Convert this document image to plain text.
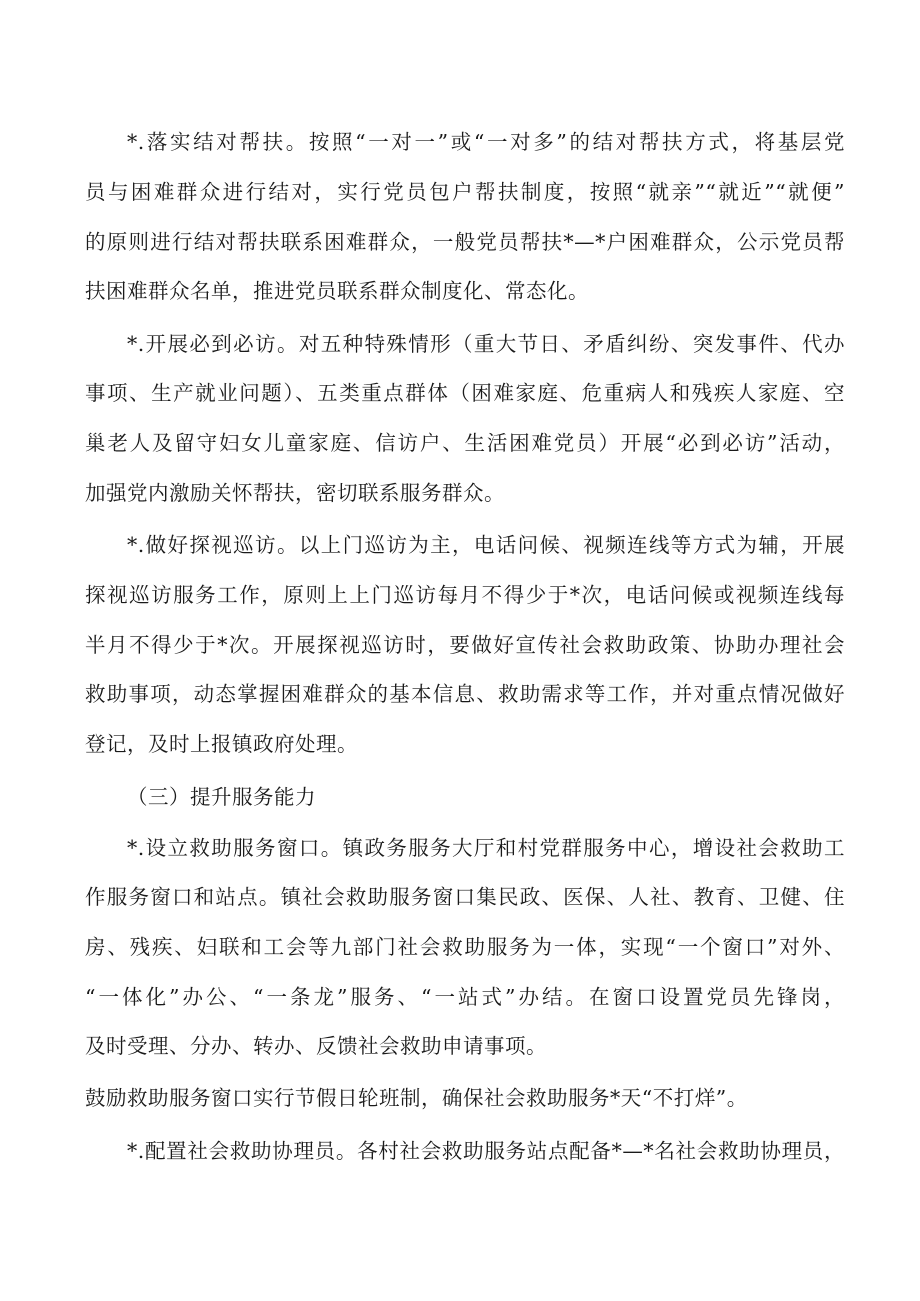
*.落实结对帮扶。按照“一对一”或“一对多”的结对帮扶方式，将基层党
员与困难群众进行结对，实行党员包户帮扶制度，按照“就亲”“就近”“就便”
的原则进行结对帮扶联系困难群众，一般党员帮扶*—*户困难群众，公示党员帮
扶困难群众名单，推进党员联系群众制度化、常态化。
*.开展必到必访。对五种特殊情形（重大节日、矛盾纠纷、突发事件、代办
事项、生产就业问题）、五类重点群体（困难家庭、危重病人和残疾人家庭、空
巢老人及留守妇女儿童家庭、信访户、生活困难党员）开展“必到必访”活动，
加强党内激励关怀帮扶，密切联系服务群众。
*.做好探视巡访。以上门巡访为主，电话问候、视频连线等方式为辅，开展
探视巡访服务工作，原则上上门巡访每月不得少于*次，电话问候或视频连线每
半月不得少于*次。开展探视巡访时，要做好宣传社会救助政策、协助办理社会
救助事项，动态掌握困难群众的基本信息、救助需求等工作，并对重点情况做好
登记，及时上报镇政府处理。
（三）提升服务能力
*.设立救助服务窗口。镇政务服务大厅和村党群服务中心，增设社会救助工
作服务窗口和站点。镇社会救助服务窗口集民政、医保、人社、教育、卫健、住
房、残疾、妇联和工会等九部门社会救助服务为一体，实现“一个窗口”对外、
“一体化”办公、“一条龙”服务、“一站式”办结。在窗口设置党员先锋岗，
及时受理、分办、转办、反馈社会救助申请事项。
鼓励救助服务窗口实行节假日轮班制，确保社会救助服务*天“不打烊”。
*.配置社会救助协理员。各村社会救助服务站点配备*—*名社会救助协理员，
